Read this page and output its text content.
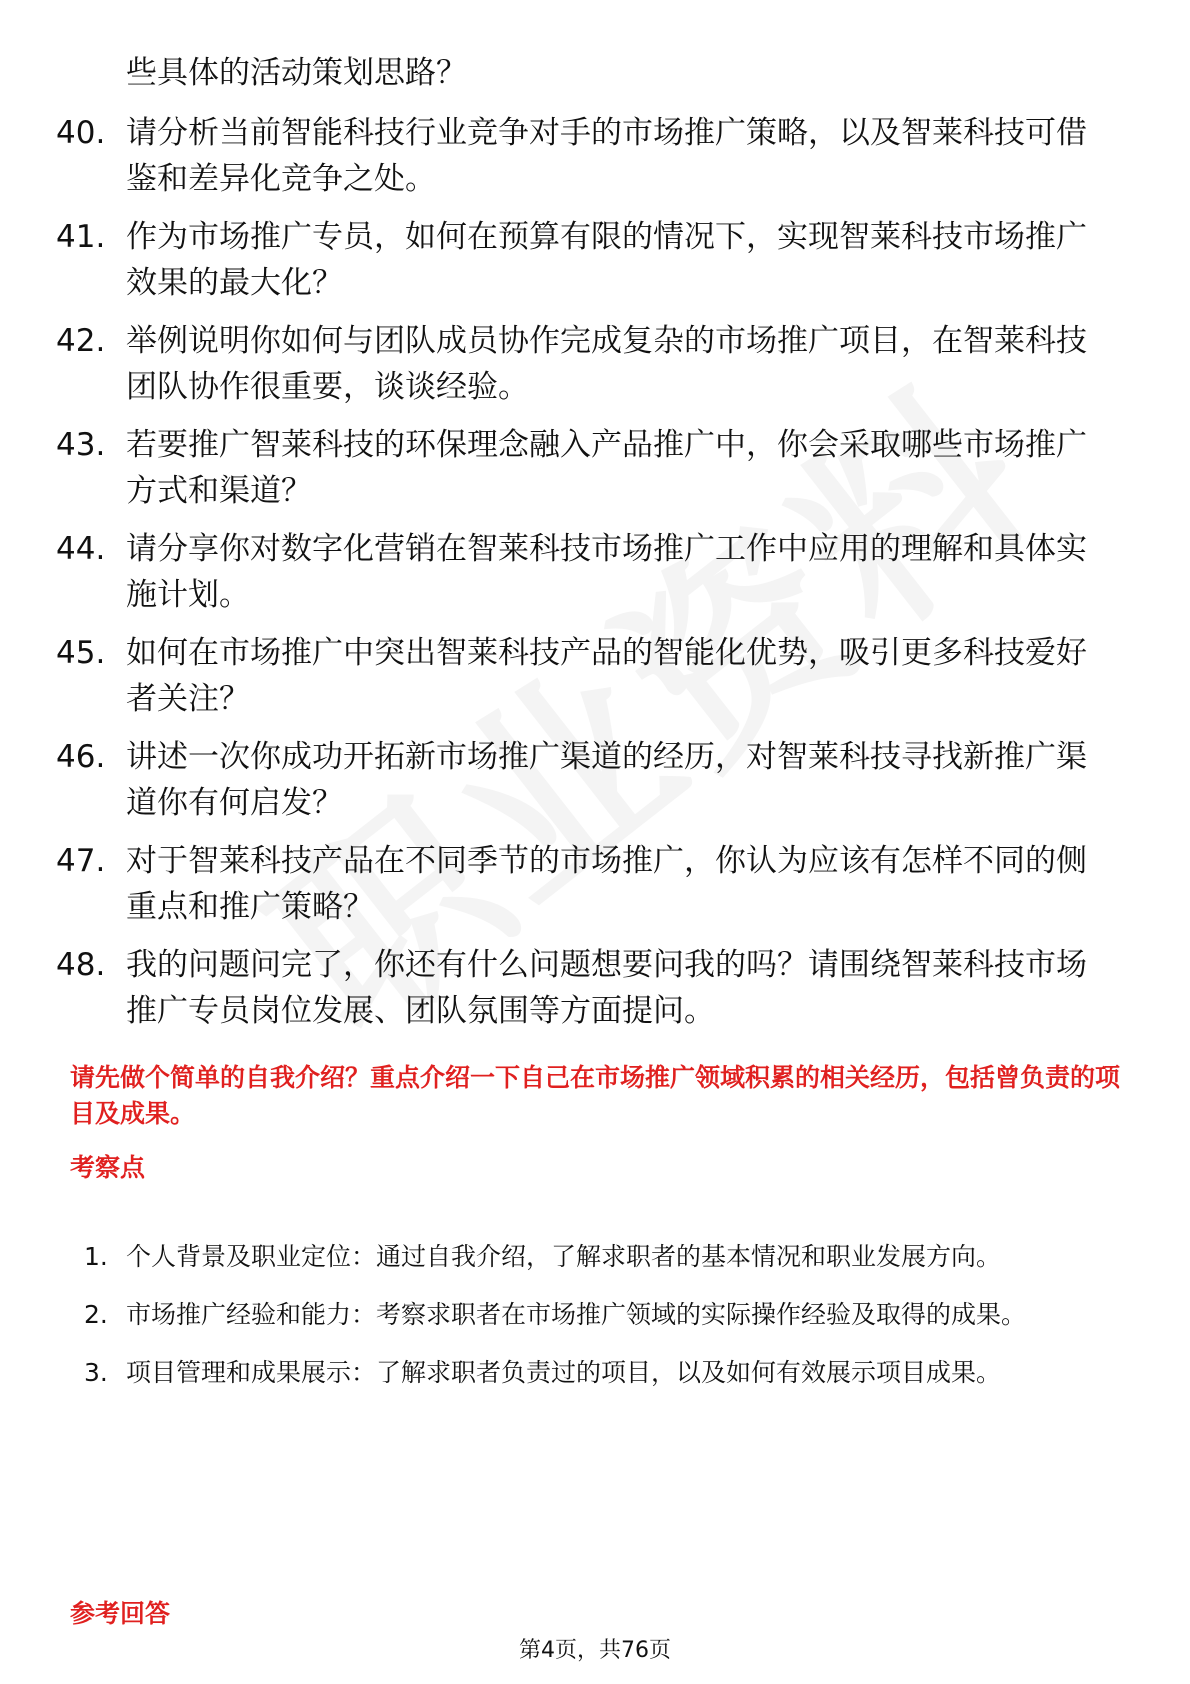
些具体的活动策划思路？
40. 请分析当前智能科技行业竞争对手的市场推广策略，以及智莱科技可借鉴和差异化竞争之处。
41. 作为市场推广专员，如何在预算有限的情况下，实现智莱科技市场推广效果的最大化？
42. 举例说明你如何与团队成员协作完成复杂的市场推广项目，在智莱科技团队协作很重要，谈谈经验。
43. 若要推广智莱科技的环保理念融入产品推广中，你会采取哪些市场推广方式和渠道？
44. 请分享你对数字化营销在智莱科技市场推广工作中应用的理解和具体实施计划。
45. 如何在市场推广中突出智莱科技产品的智能化优势，吸引更多科技爱好者关注？
46. 讲述一次你成功开拓新市场推广渠道的经历，对智莱科技寻找新推广渠道你有何启发？
47. 对于智莱科技产品在不同季节的市场推广，你认为应该有怎样不同的侧重点和推广策略？
48. 我的问题问完了，你还有什么问题想要问我的吗？请围绕智莱科技市场推广专员岗位发展、团队氛围等方面提问。
请先做个简单的自我介绍？重点介绍一下自己在市场推广领域积累的相关经历，包括曾负责的项目及成果。
考察点
1. 个人背景及职业定位：通过自我介绍，了解求职者的基本情况和职业发展方向。
2. 市场推广经验和能力：考察求职者在市场推广领域的实际操作经验及取得的成果。
3. 项目管理和成果展示：了解求职者负责过的项目，以及如何有效展示项目成果。
参考回答
第4页，共76页
